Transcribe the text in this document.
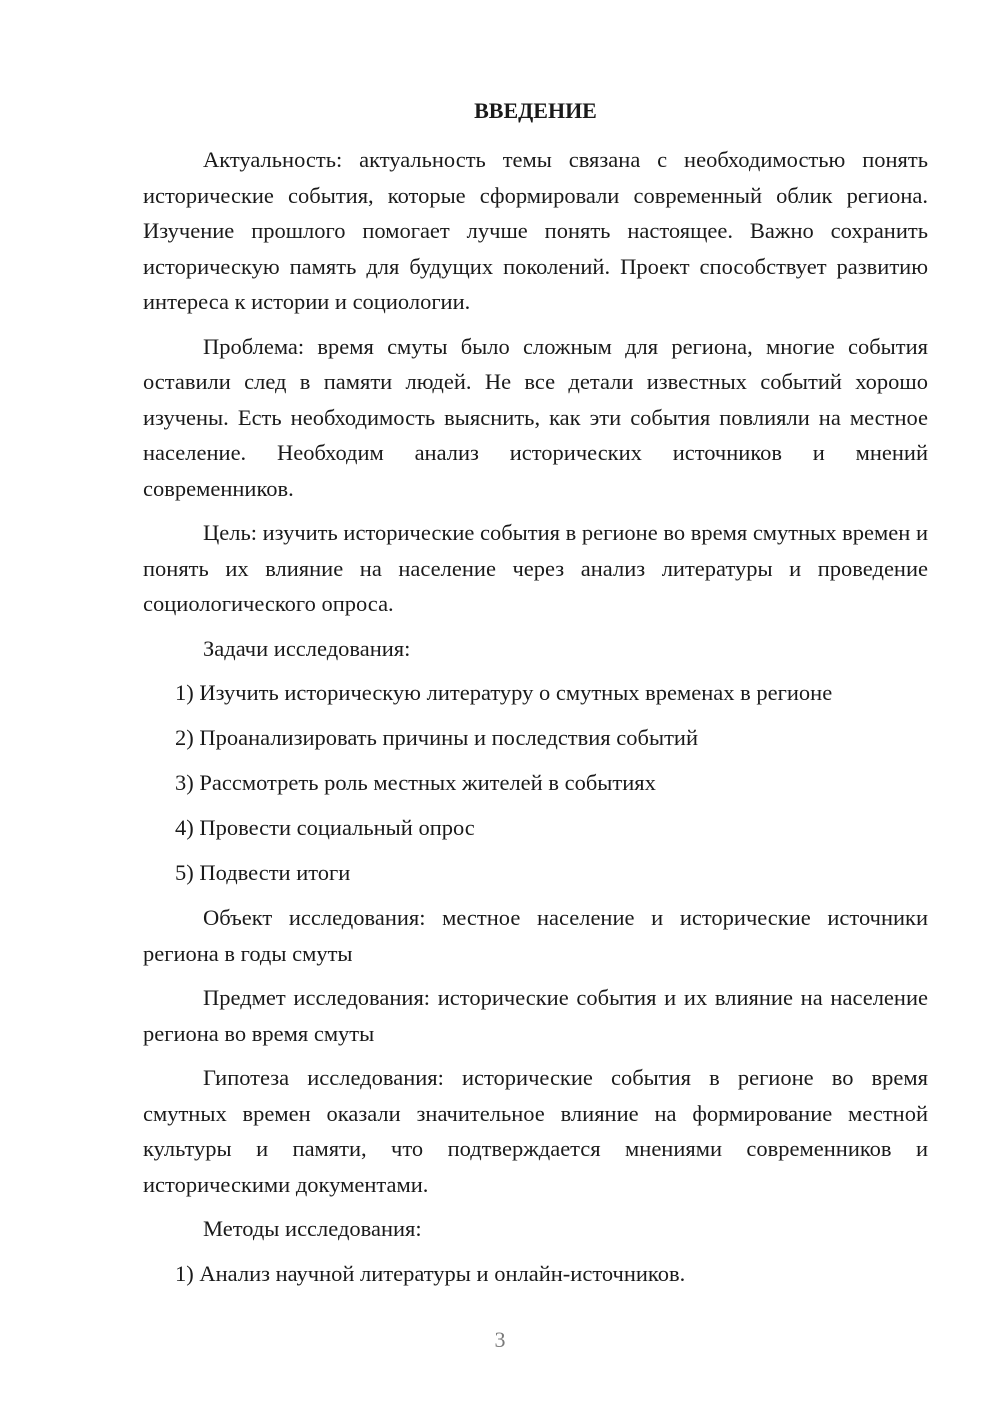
ВВЕДЕНИЕ

Актуальность: актуальность темы связана с необходимостью понять исторические события, которые сформировали современный облик региона. Изучение прошлого помогает лучше понять настоящее. Важно сохранить историческую память для будущих поколений. Проект способствует развитию интереса к истории и социологии.

Проблема: время смуты было сложным для региона, многие события оставили след в памяти людей. Не все детали известных событий хорошо изучены. Есть необходимость выяснить, как эти события повлияли на местное население. Необходим анализ исторических источников и мнений современников.

Цель: изучить исторические события в регионе во время смутных времен и понять их влияние на население через анализ литературы и проведение социологического опроса.

Задачи исследования:

1) Изучить историческую литературу о смутных временах в регионе
2) Проанализировать причины и последствия событий
3) Рассмотреть роль местных жителей в событиях
4) Провести социальный опрос
5) Подвести итоги

Объект исследования: местное население и исторические источники региона в годы смуты

Предмет исследования: исторические события и их влияние на население региона во время смуты

Гипотеза исследования: исторические события в регионе во время смутных времен оказали значительное влияние на формирование местной культуры и памяти, что подтверждается мнениями современников и историческими документами.

Методы исследования:

1) Анализ научной литературы и онлайн-источников.
3
